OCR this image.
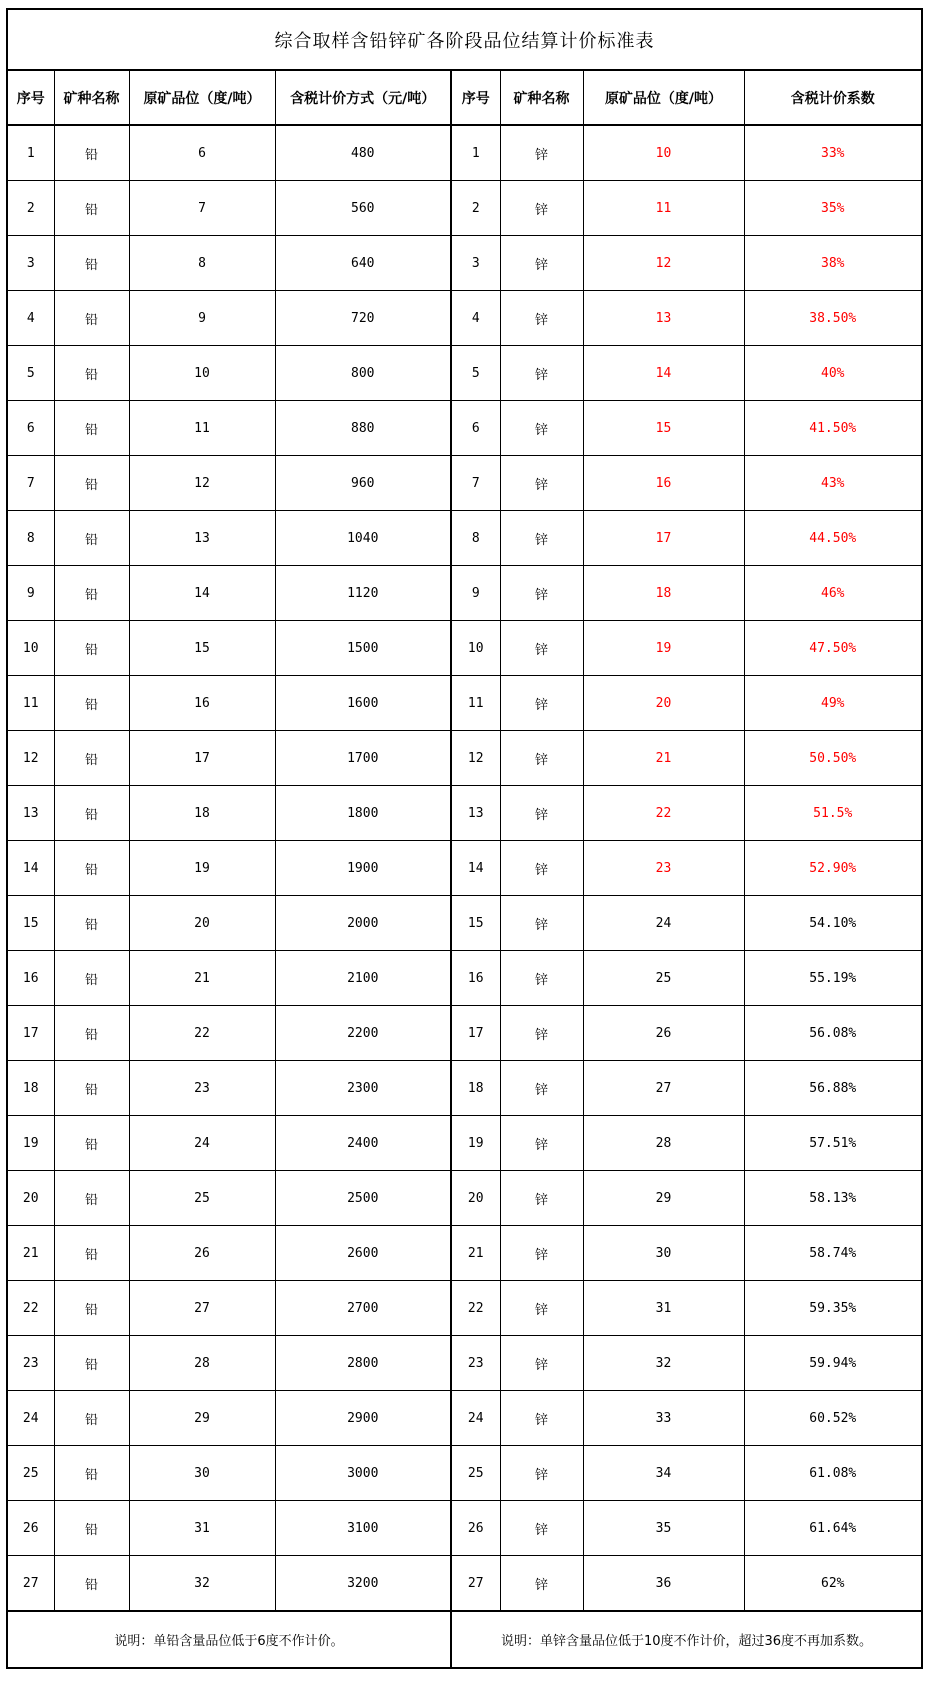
综合取样含铅锌矿各阶段品位结算计价标准表							
序号	矿种名称	原矿品位（度/吨）	含税计价方式（元/吨）	序号	矿种名称	原矿品位（度/吨）	含税计价系数
1	铅	6	480	1	锌	10	33%
2	铅	7	560	2	锌	11	35%
3	铅	8	640	3	锌	12	38%
4	铅	9	720	4	锌	13	38.50%
5	铅	10	800	5	锌	14	40%
6	铅	11	880	6	锌	15	41.50%
7	铅	12	960	7	锌	16	43%
8	铅	13	1040	8	锌	17	44.50%
9	铅	14	1120	9	锌	18	46%
10	铅	15	1500	10	锌	19	47.50%
11	铅	16	1600	11	锌	20	49%
12	铅	17	1700	12	锌	21	50.50%
13	铅	18	1800	13	锌	22	51.5%
14	铅	19	1900	14	锌	23	52.90%
15	铅	20	2000	15	锌	24	54.10%
16	铅	21	2100	16	锌	25	55.19%
17	铅	22	2200	17	锌	26	56.08%
18	铅	23	2300	18	锌	27	56.88%
19	铅	24	2400	19	锌	28	57.51%
20	铅	25	2500	20	锌	29	58.13%
21	铅	26	2600	21	锌	30	58.74%
22	铅	27	2700	22	锌	31	59.35%
23	铅	28	2800	23	锌	32	59.94%
24	铅	29	2900	24	锌	33	60.52%
25	铅	30	3000	25	锌	34	61.08%
26	铅	31	3100	26	锌	35	61.64%
27	铅	32	3200	27	锌	36	62%
说明：单铅含量品位低于6度不作计价。				说明：单锌含量品位低于10度不作计价，超过36度不再加系数。			
